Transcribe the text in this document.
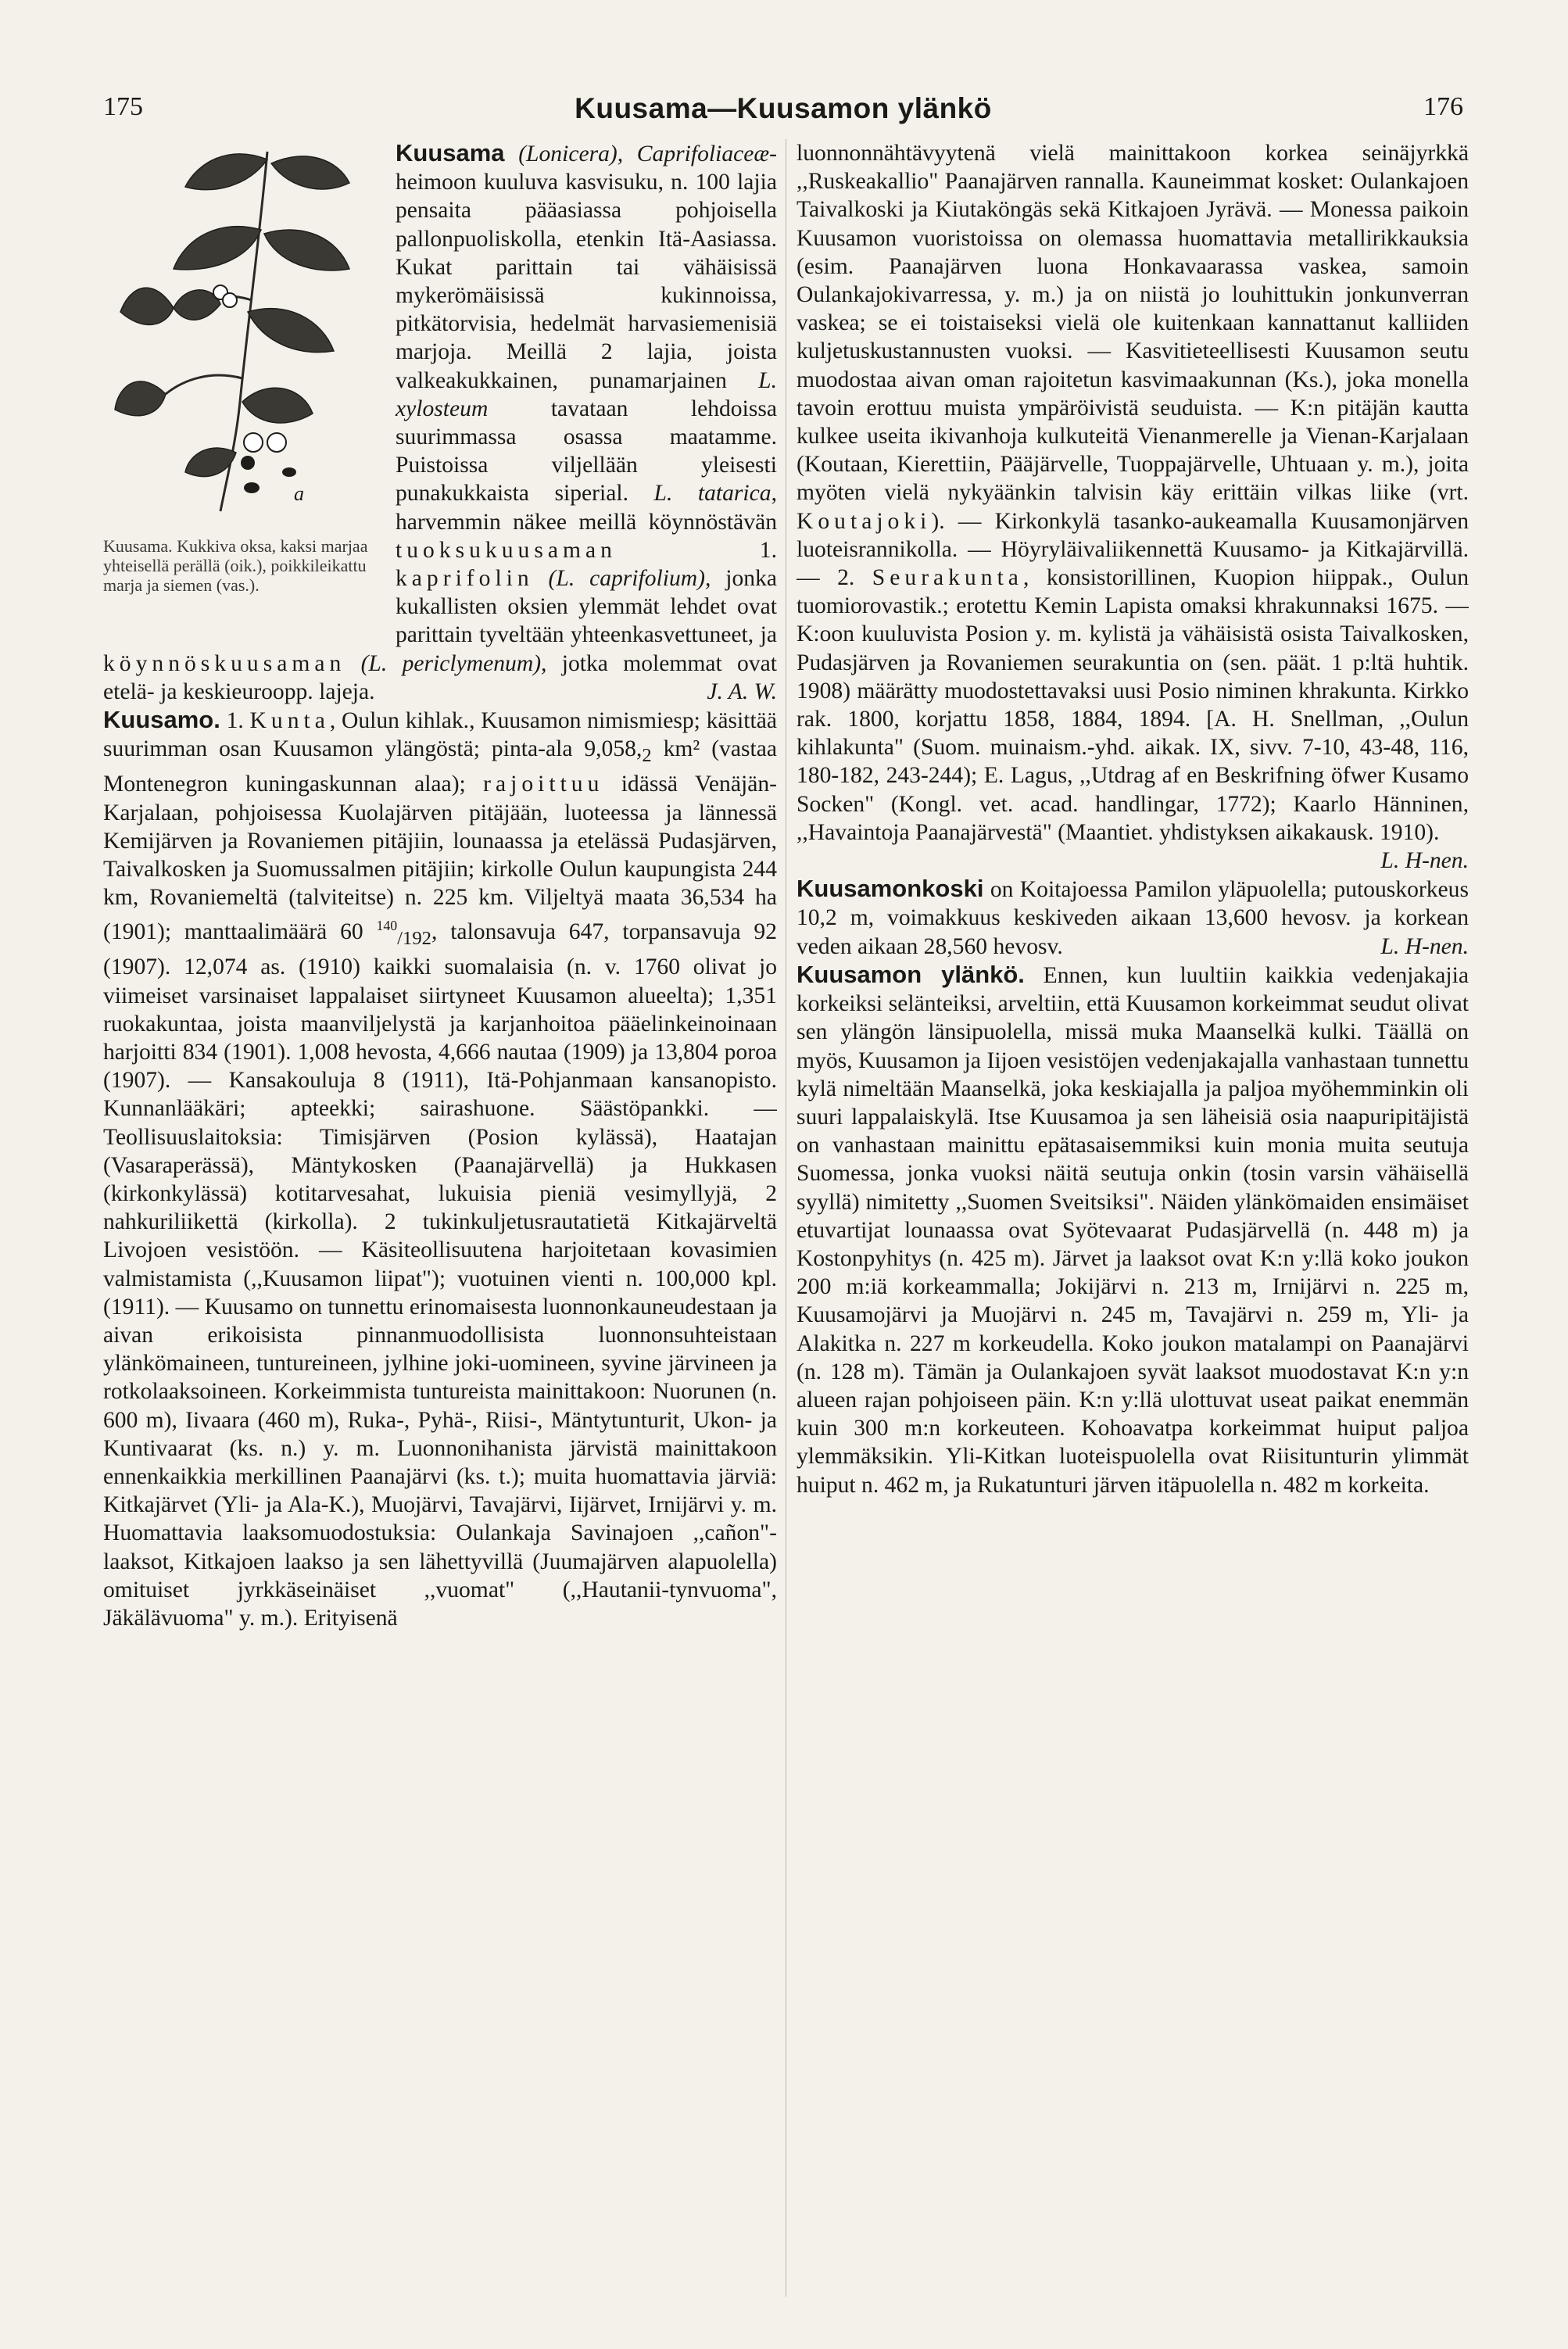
175	Kuusama—Kuusamon ylänkö	176

a
Kuusama. Kukkiva oksa, kaksi marjaa yhteisellä perällä (oik.), poikkileikattu marja ja siemen (vas.).
Kuusama (Lonicera), Caprifoliaceæ-heimoon kuuluva kasvisuku, n. 100 lajia pensaita pääasiassa pohjoisella pallonpuoliskolla, etenkin Itä-Aasiassa. Kukat parittain tai vähäisissä mykerömäisissä kukinnoissa, pitkätorvisia, hedelmät harvasiemenisiä marjoja. Meillä 2 lajia, joista valkeakukkainen, punamarjainen L. xylosteum	tavataan lehdoissa suurimmassa osassa maatamme. Puistoissa viljellään yleisesti punakukkaista siperial. L. tatarica, harvemmin näkee meillä köynnöstävän tuoksukuusaman	1. kaprifolin (L. caprifolium), jonka kukallisten oksien ylemmät lehdet ovat parittain tyveltään yhteenkasvettuneet, ja köynnöskuusaman (L. periclymenum), jotka molemmat ovat etelä- ja keskieuroopp. lajeja.	J. A. W.

Kuusamo. 1. Kunta, Oulun kihlak., Kuusamon nimismiesp; käsittää suurimman osan Kuusamon ylängöstä; pinta-ala $9,058,_2$ km² (vastaa Montenegron kuningaskunnan alaa); rajoittuu idässä Venäjän-Karjalaan, pohjoisessa Kuolajärven pitäjään, luoteessa ja lännessä Kemijärven ja Rovaniemen pitäjiin, lounaassa ja etelässä Pudasjärven, Taivalkosken ja Suomussalmen pitäjiin; kirkolle Oulun kaupungista 244 km, Rovaniemeltä (talviteitse) n. 225 km. Viljeltyä maata 36,534 ha (1901); manttaalimäärä 60 $^{140}_{/192}$, talonsavuja 647, torpansavuja 92 (1907). 12,074 as. (1910) kaikki suomalaisia (n. v. 1760 olivat jo viimeiset varsinaiset lappalaiset siirtyneet Kuusamon alueelta); 1,351 ruokakuntaa, joista maanviljelystä ja karjanhoitoa pääelinkeinoinaan harjoitti 834 (1901). 1,008 hevosta, 4,666 nautaa (1909) ja 13,804 poroa (1907). — Kansakouluja 8 (1911), Itä-Pohjanmaan kansanopisto. Kunnanlääkäri; apteekki; sairashuone. Säästöpankki. — Teollisuuslaitoksia: Timisjärven (Posion kylässä), Haatajan (Vasaraperässä), Mäntykosken (Paanajärvellä) ja Hukkasen (kirkonkylässä) kotitarvesahat, lukuisia pieniä vesimyllyjä, 2 nahkuriliikettä (kirkolla). 2 tukinkuljetusrautatietä Kitkajärveltä Livojoen vesistöön. — Käsiteollisuutena harjoitetaan kovasimien valmistamista (,,Kuusamon liipat"); vuotuinen vienti n. 100,000 kpl. (1911). — Kuusamo on tunnettu erinomaisesta luonnonkauneudestaan ja aivan erikoisista pinnanmuodollisista luonnonsuhteistaan ylänkömaineen, tuntureineen, jylhine joki-uomineen, syvine järvineen ja rotkolaaksoineen. Korkeimmista tuntureista mainittakoon: Nuorunen (n. 600 m), Iivaara (460 m), Ruka-, Pyhä-, Riisi-, Mäntytunturit, Ukon- ja Kuntivaarat (ks. n.) y. m. Luonnonihanista järvistä mainittakoon ennenkaikkia merkillinen Paanajärvi (ks. t.); muita huomattavia järviä: Kitkajärvet (Yli- ja Ala-K.), Muojärvi, Tavajärvi, Iijärvet, Irnijärvi y. m. Huomattavia laaksomuodostuksia: Oulankaja Savinajoen ,,cañon"-laaksot, Kitkajoen laakso ja sen lähettyvillä (Juumajärven alapuolella) omituiset jyrkkäseinäiset ,,vuomat" (,,Hautanii-tynvuoma", Jäkälävuoma" y. m.). Erityisenä

luonnonnähtävyytenä vielä mainittakoon korkea seinäjyrkkä ,,Ruskeakallio" Paanajärven rannalla. Kauneimmat kosket: Oulankajoen Taivalkoski ja Kiutaköngäs sekä Kitkajoen Jyrävä. — Monessa paikoin Kuusamon vuoristoissa on olemassa huomattavia metallirikkauksia (esim. Paanajärven luona Honkavaarassa vaskea, samoin Oulankajokivarressa, y. m.) ja on niistä jo louhittukin jonkunverran vaskea; se ei toistaiseksi vielä ole kuitenkaan kannattanut kalliiden kuljetuskustannusten vuoksi. — Kasvitieteellisesti Kuusamon seutu muodostaa aivan oman rajoitetun kasvimaakunnan (Ks.), joka monella tavoin erottuu muista ympäröivistä seuduista. — K:n pitäjän kautta kulkee useita ikivanhoja kulkuteitä Vienanmerelle ja Vienan-Karjalaan (Koutaan, Kierettiin, Pääjärvelle, Tuoppajärvelle, Uhtuaan y. m.), joita myöten vielä nykyäänkin talvisin käy erittäin vilkas liike (vrt. Koutajoki). — Kirkonkylä tasanko-aukeamalla Kuusamonjärven luoteisrannikolla. — Höyryläivaliikennettä Kuusamo- ja Kitkajärvillä. — 2. Seurakunta, konsistorillinen, Kuopion hiippak., Oulun tuomiorovastik.; erotettu Kemin Lapista omaksi khrakunnaksi 1675. — K:oon kuuluvista Posion y. m. kylistä ja vähäisistä osista Taivalkosken, Pudasjärven ja Rovaniemen seurakuntia on (sen. päät. 1 p:ltä huhtik. 1908) määrätty muodostettavaksi uusi Posio niminen khrakunta. Kirkko rak. 1800, korjattu 1858, 1884, 1894. [A. H. Snellman, ,,Oulun kihlakunta" (Suom. muinaism.-yhd. aikak. IX, sivv. 7-10, 43-48, 116, 180-182, 243-244); E. Lagus, ,,Utdrag af en Beskrifning öfwer Kusamo Socken" (Kongl. vet. acad. handlingar, 1772); Kaarlo Hänninen, ,,Havaintoja Paanajärvestä" (Maantiet. yhdistyksen aikakausk. 1910).
L. H-nen.

Kuusamonkoski on Koitajoessa Pamilon yläpuolella; putouskorkeus 10,2 m, voimakkuus keskiveden aikaan 13,600 hevosv. ja korkean veden aikaan 28,560 hevosv.	L. H-nen.

Kuusamon ylänkö. Ennen, kun luultiin kaikkia vedenjakajia korkeiksi selänteiksi, arveltiin, että Kuusamon korkeimmat seudut olivat sen ylängön länsipuolella, missä muka Maanselkä kulki. Täällä on myös, Kuusamon ja Iijoen vesistöjen vedenjakajalla vanhastaan tunnettu kylä nimeltään Maanselkä, joka keskiajalla ja paljoa myöhemminkin oli suuri lappalaiskylä. Itse Kuusamoa ja sen läheisiä osia naapuripitäjistä on vanhastaan mainittu epätasaisemmiksi kuin monia muita seutuja Suomessa, jonka vuoksi näitä seutuja onkin (tosin varsin vähäisellä syyllä) nimitetty ,,Suomen Sveitsiksi". Näiden ylänkömaiden ensimäiset etuvartijat lounaassa ovat Syötevaarat Pudasjärvellä (n. 448 m) ja Kostonpyhitys (n. 425 m). Järvet ja laaksot ovat K:n y:llä koko joukon 200 m:iä korkeammalla; Jokijärvi n. 213 m, Irnijärvi n. 225 m, Kuusamojärvi ja Muojärvi n. 245 m, Tavajärvi n. 259 m, Yli- ja Alakitka n. 227 m korkeudella. Koko joukon matalampi on Paanajärvi (n. 128 m). Tämän ja Oulankajoen syvät laaksot muodostavat K:n y:n alueen rajan pohjoiseen päin. K:n y:llä ulottuvat useat paikat enemmän kuin 300 m:n korkeuteen. Kohoavatpa korkeimmat huiput paljoa ylemmäksikin. Yli-Kitkan luoteispuolella ovat Riisitunturin ylimmät huiput n. 462 m, ja Rukatunturi järven itäpuolella n. 482 m korkeita.
